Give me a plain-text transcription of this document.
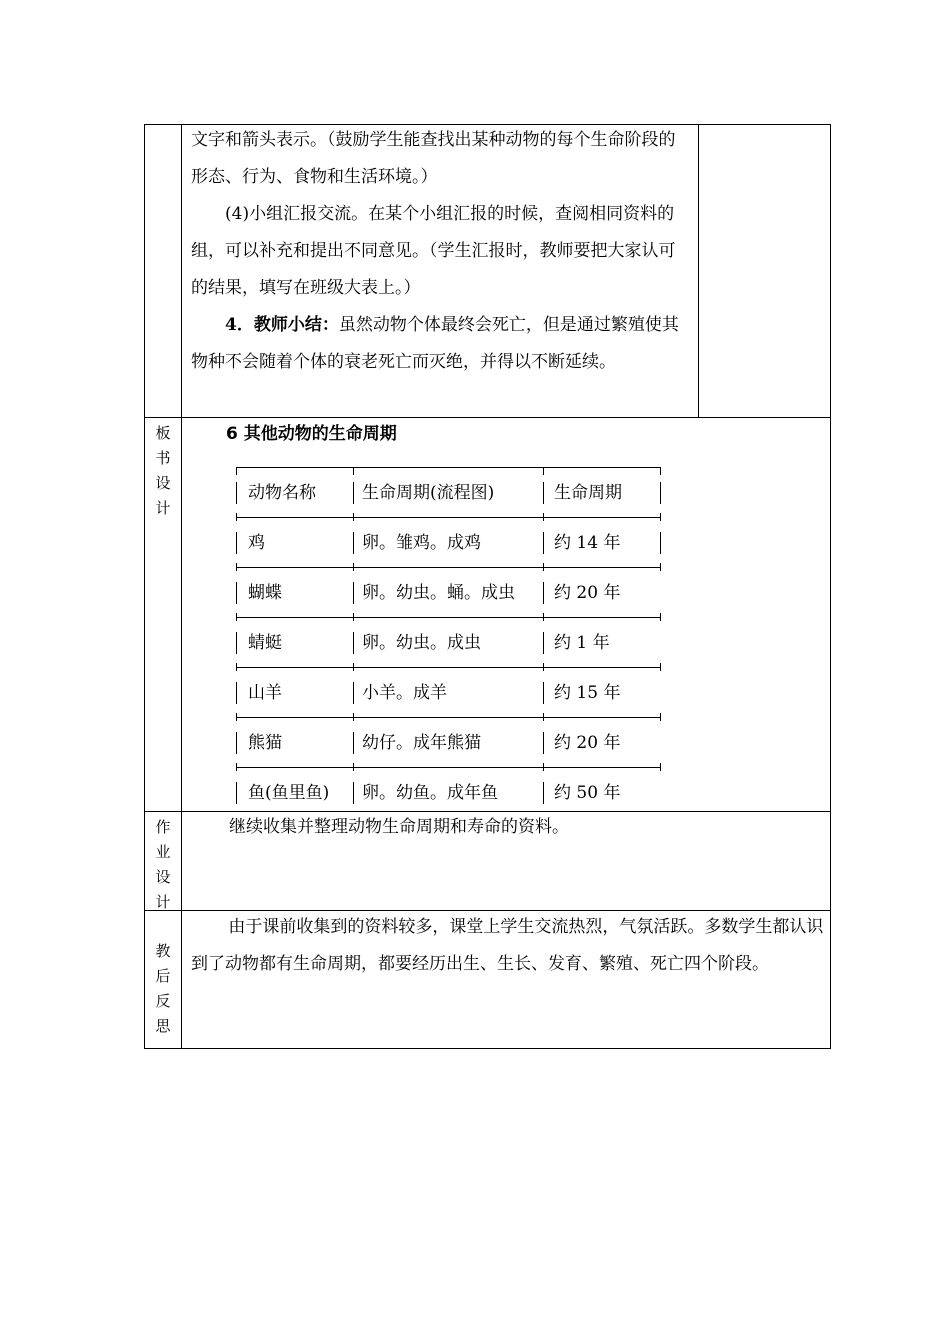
文字和箭头表示。（鼓励学生能查找出某种动物的每个生命阶段的形态、行为、食物和生活环境。）

(4)小组汇报交流。在某个小组汇报的时候，查阅相同资料的组，可以补充和提出不同意见。（学生汇报时，教师要把大家认可的结果，填写在班级大表上。）

4．教师小结：虽然动物个体最终会死亡，但是通过繁殖使其物种不会随着个体的衰老死亡而灭绝，并得以不断延续。

板
书
设
计
6 其他动物的生命周期
动物名称	生命周期(流程图)	生命周期
鸡	卵。雏鸡。成鸡	约 14 年
蝴蝶	卵。幼虫。蛹。成虫 约 20 年
蜻蜓	卵。幼虫。成虫	约 1 年
山羊	小羊。成羊	约 15 年
熊猫	幼仔。成年熊猫	约 20 年
鱼(鱼里鱼) 卵。幼鱼。成年鱼	约 50 年
作
业
设
计
继续收集并整理动物生命周期和寿命的资料。
教
后
反
思
由于课前收集到的资料较多，课堂上学生交流热烈，气氛活跃。多数学生都认识到了动物都有生命周期，都要经历出生、生长、发育、繁殖、死亡四个阶段。
